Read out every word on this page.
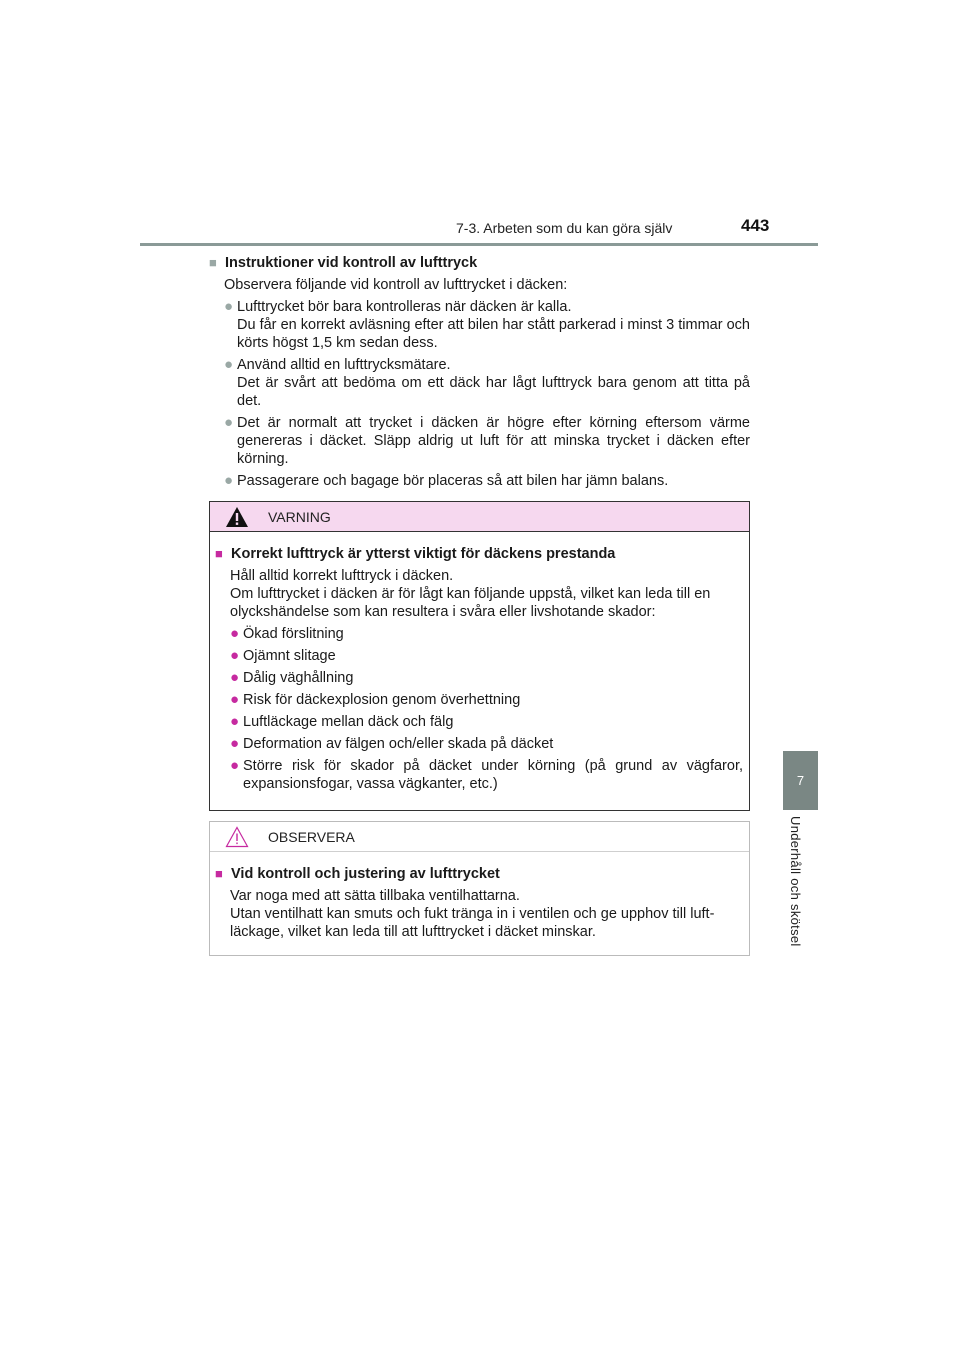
7-3. Arbeten som du kan göra själv	443
7
Underhåll och skötsel
■ Instruktioner vid kontroll av lufttryck
Observera följande vid kontroll av lufttrycket i däcken:
● Lufttrycket bör bara kontrolleras när däcken är kalla.
Du får en korrekt avläsning efter att bilen har stått parkerad i minst 3 timmar och körts högst 1,5 km sedan dess.
● Använd alltid en lufttrycksmätare.
Det är svårt att bedöma om ett däck har lågt lufttryck bara genom att titta på det.
● Det är normalt att trycket i däcken är högre efter körning eftersom värme genereras i däcket. Släpp aldrig ut luft för att minska trycket i däcken efter körning.
● Passagerare och bagage bör placeras så att bilen har jämn balans.
VARNING
■ Korrekt lufttryck är ytterst viktigt för däckens prestanda
Håll alltid korrekt lufttryck i däcken.
Om lufttrycket i däcken är för lågt kan följande uppstå, vilket kan leda till en olyckshändelse som kan resultera i svåra eller livshotande skador:
● Ökad förslitning
● Ojämnt slitage
● Dålig väghållning
● Risk för däckexplosion genom överhettning
● Luftläckage mellan däck och fälg
● Deformation av fälgen och/eller skada på däcket
● Större risk för skador på däcket under körning (på grund av vägfaror, expansionsfogar, vassa vägkanter, etc.)
OBSERVERA
■ Vid kontroll och justering av lufttrycket
Var noga med att sätta tillbaka ventilhattarna.
Utan ventilhatt kan smuts och fukt tränga in i ventilen och ge upphov till luft-läckage, vilket kan leda till att lufttrycket i däcket minskar.
